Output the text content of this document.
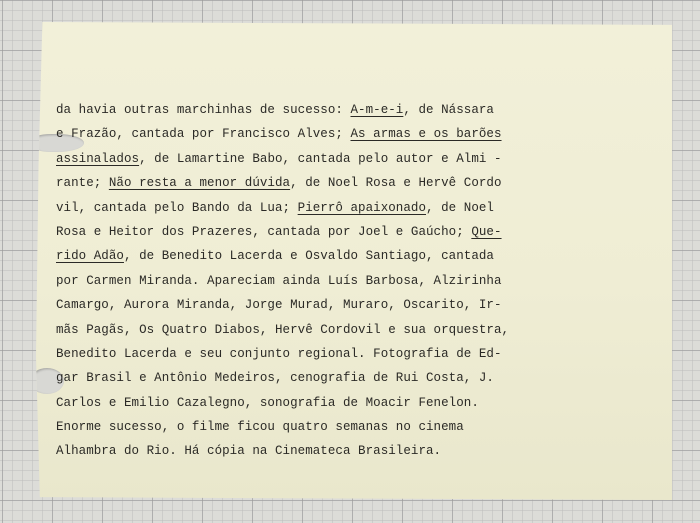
da havia outras marchinhas de sucesso: A-m-e-i, de Nássara
e Frazão, cantada por Francisco Alves; As armas e os barões
assinalados, de Lamartine Babo, cantada pelo autor e Almi -
rante; Não resta a menor dúvida, de Noel Rosa e Hervê Cordo
vil, cantada pelo Bando da Lua; Pierrô apaixonado, de Noel
Rosa e Heitor dos Prazeres, cantada por Joel e Gaúcho; Que-
rido Adão, de Benedito Lacerda e Osvaldo Santiago, cantada
por Carmen Miranda. Apareciam ainda Luís Barbosa, Alzirinha
Camargo, Aurora Miranda, Jorge Murad, Muraro, Oscarito, Ir-
mãs Pagãs, Os Quatro Diabos, Hervê Cordovil e sua orquestra,
Benedito Lacerda e seu conjunto regional. Fotografia de Ed-
gar Brasil e Antônio Medeiros, cenografia de Rui Costa, J.
Carlos e Emilio Cazalegno, sonografia de Moacir Fenelon.
Enorme sucesso, o filme ficou quatro semanas no cinema
Alhambra do Rio. Há cópia na Cinemateca Brasileira.
